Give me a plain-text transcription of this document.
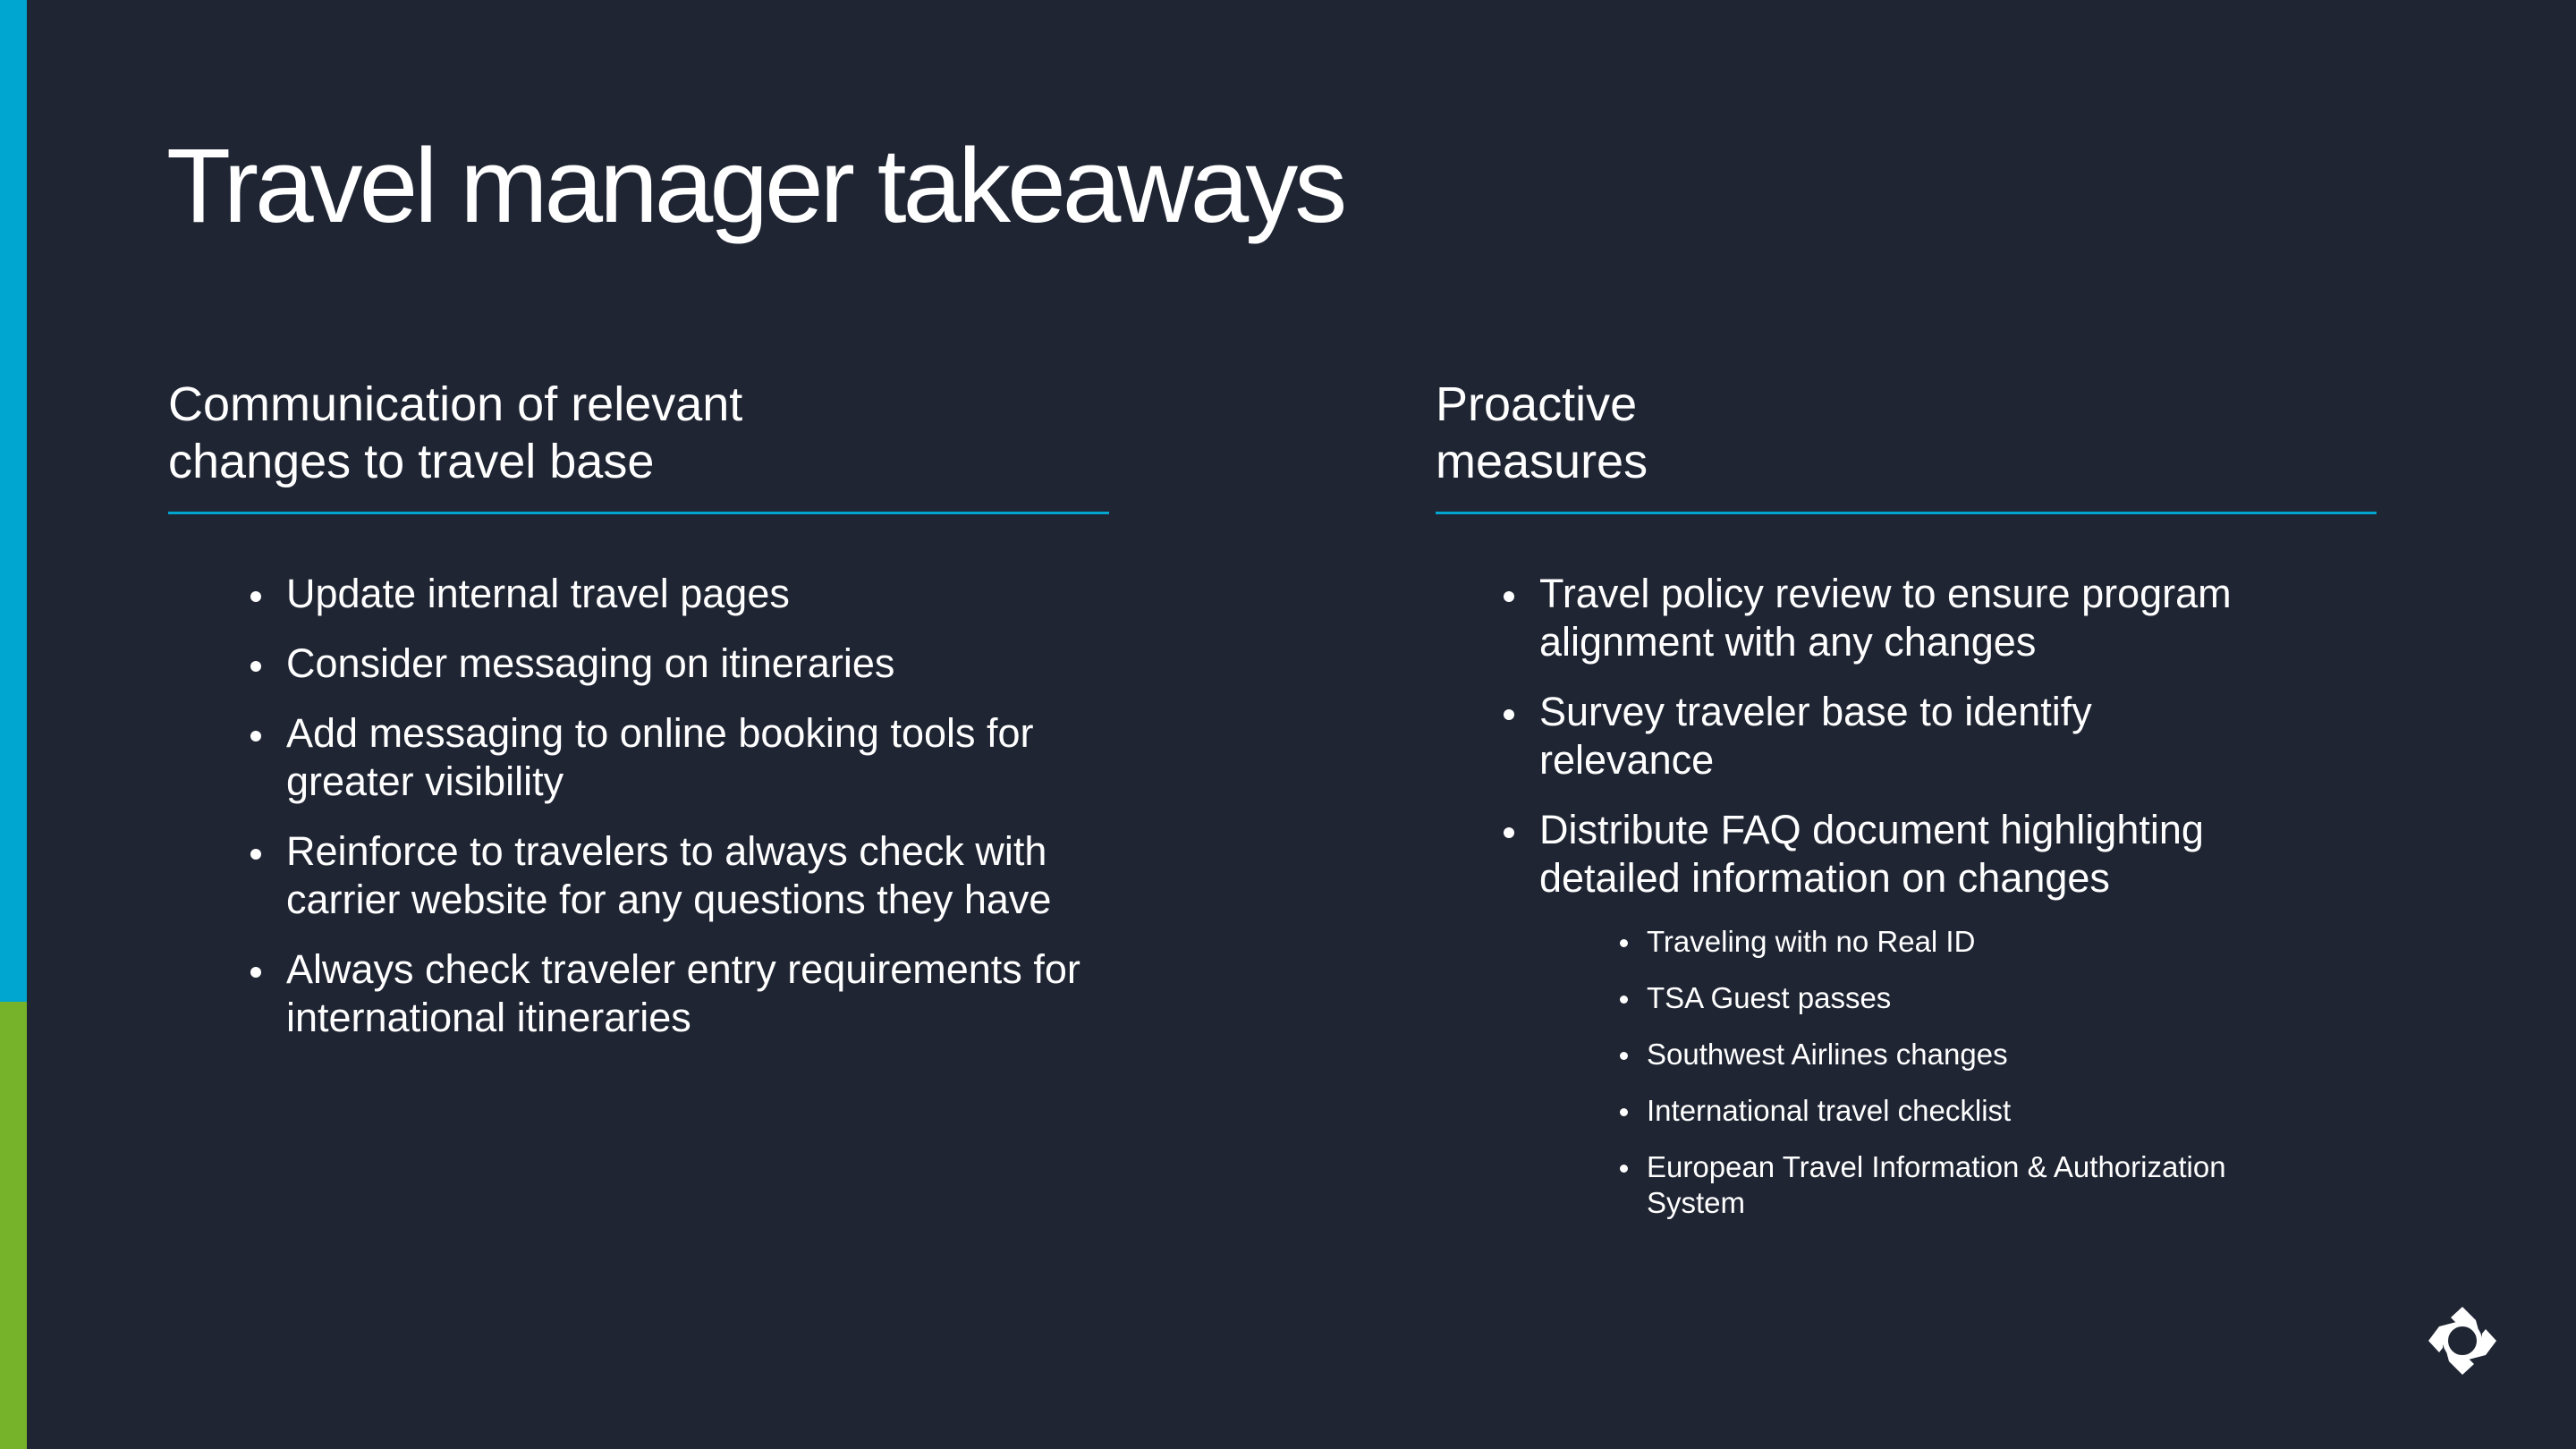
Travel manager takeaways
Communication of relevant
changes to travel base
Update internal travel pages
Consider messaging on itineraries
Add messaging to online booking tools for greater visibility
Reinforce to travelers to always check with carrier website for any questions they have
Always check traveler entry requirements for international itineraries
Proactive
measures
Travel policy review to ensure program alignment with any changes
Survey traveler base to identify relevance
Distribute FAQ document highlighting detailed information on changes
Traveling with no Real ID
TSA Guest passes
Southwest Airlines changes
International travel checklist
European Travel Information & Authorization System
